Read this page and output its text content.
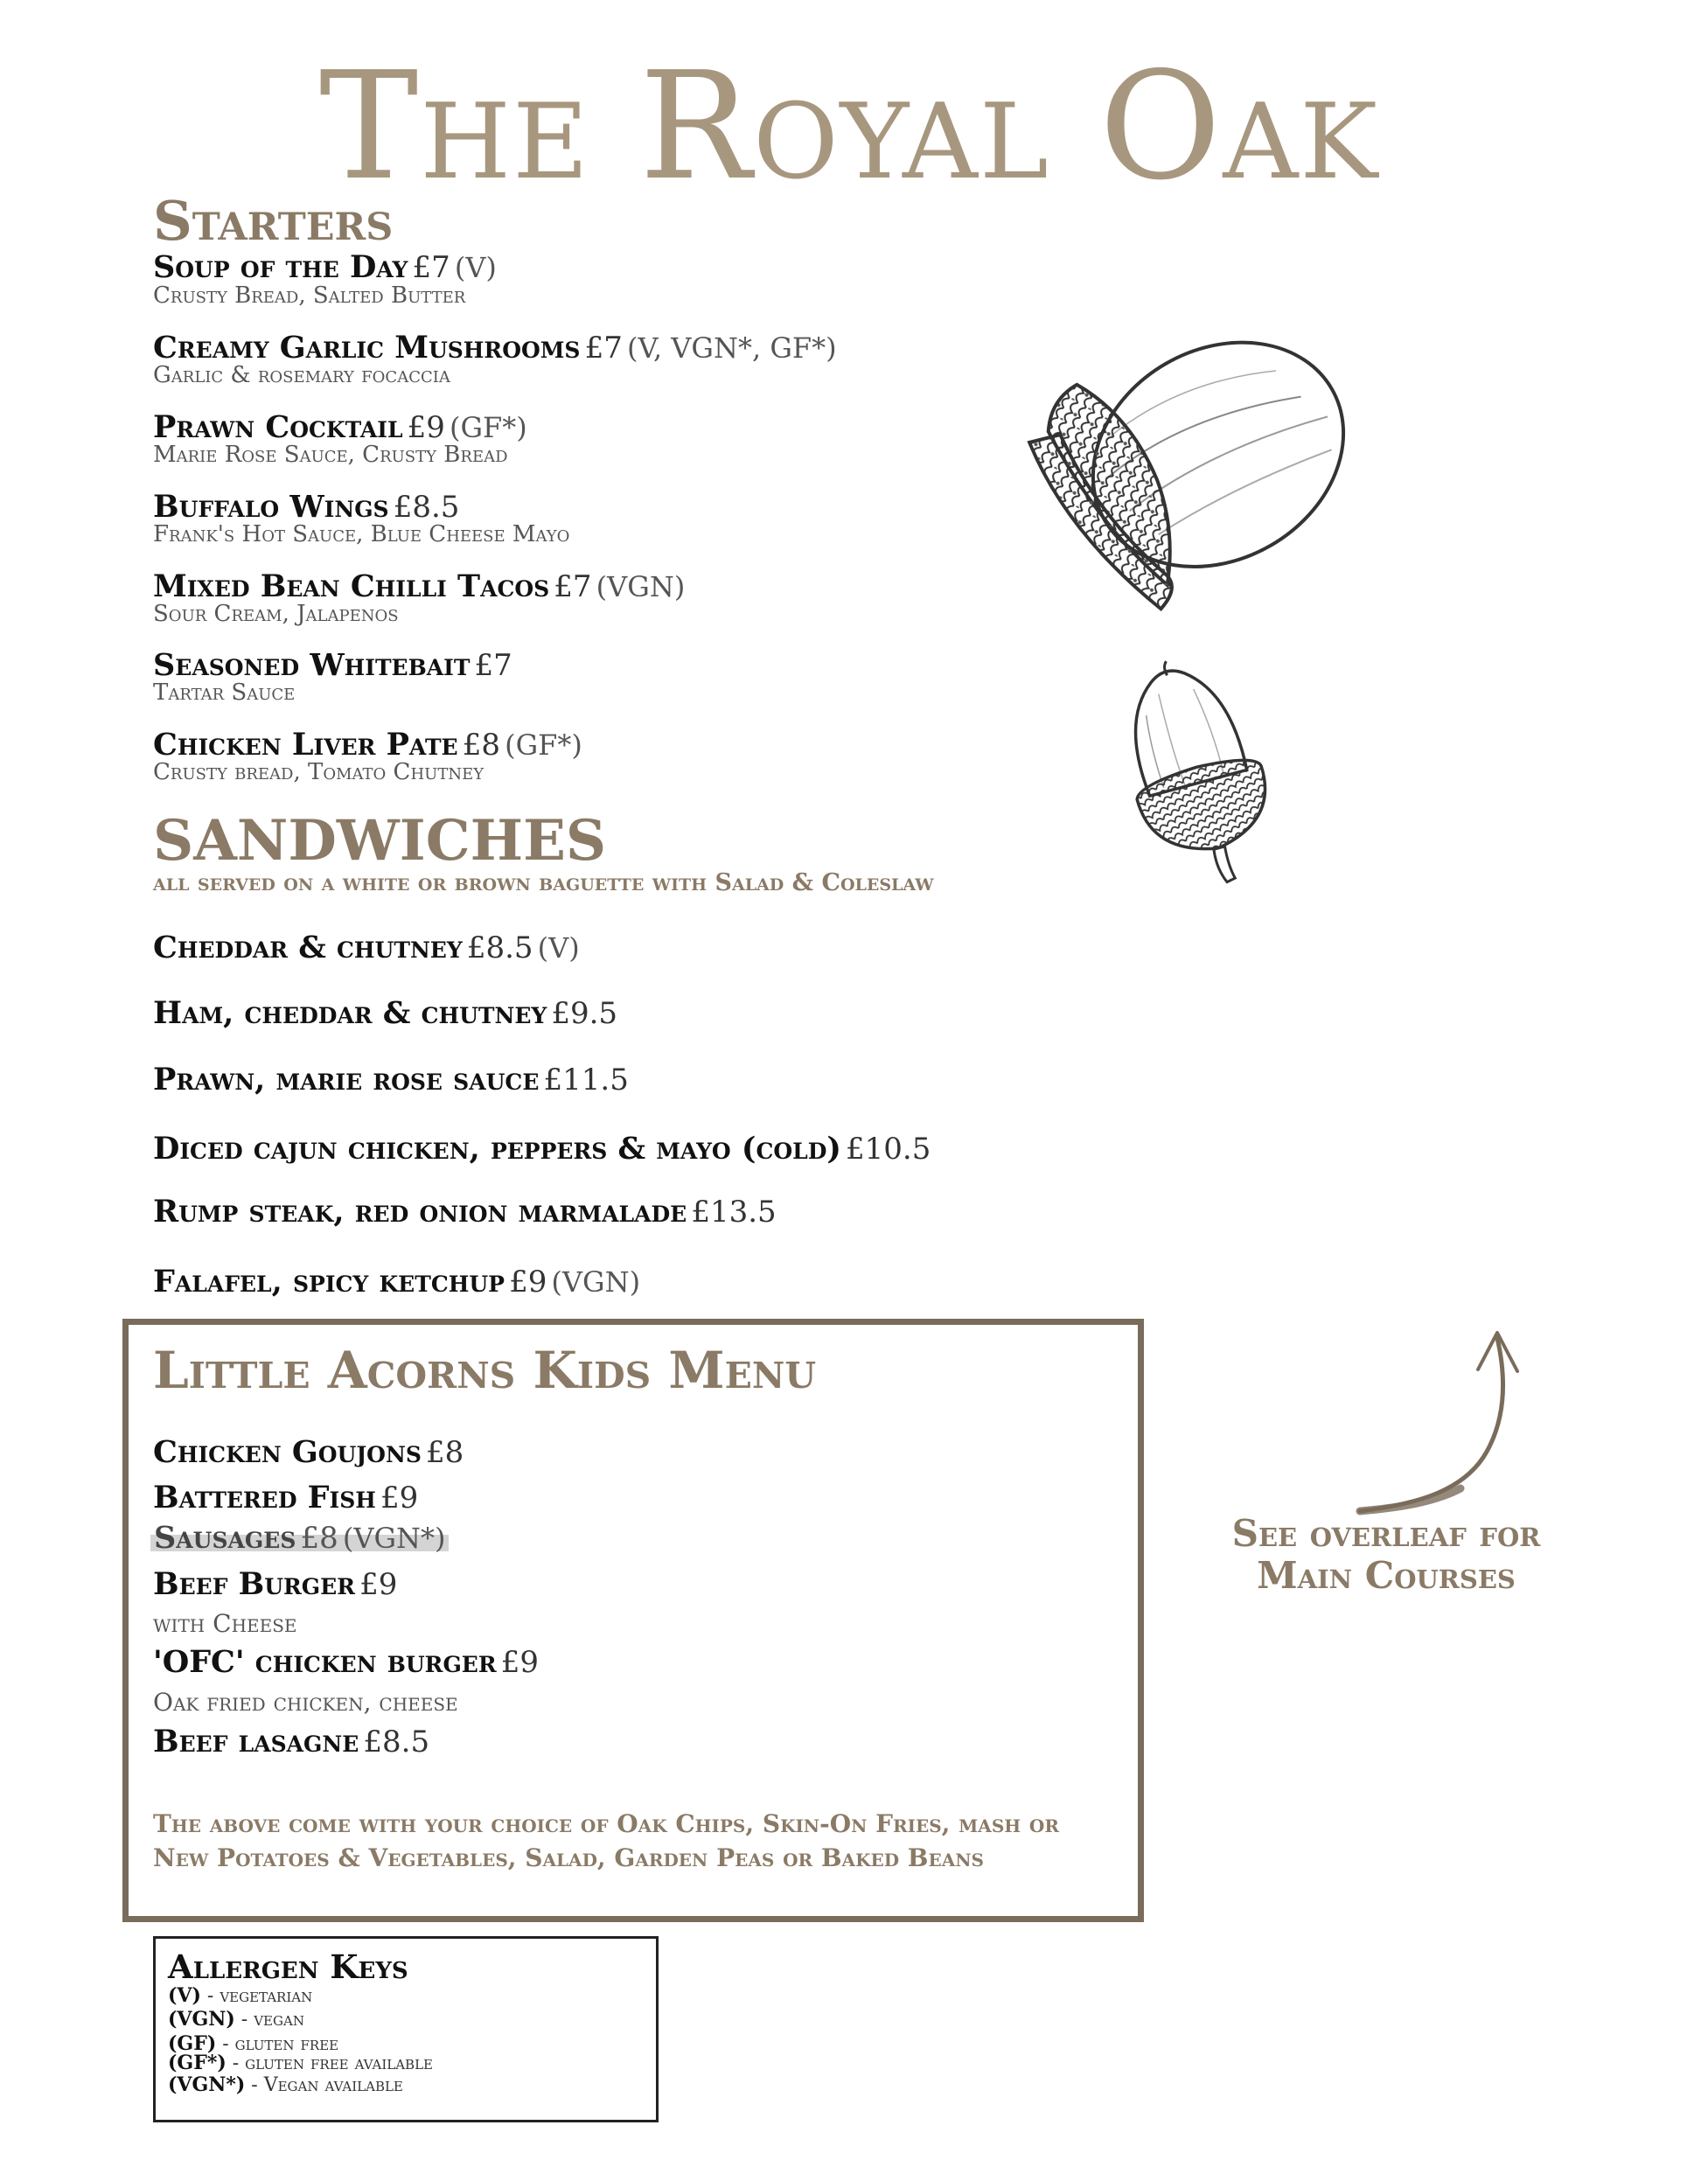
The Royal Oak
Starters
Soup of the Day £7 (V)
Crusty Bread, Salted Butter
Creamy Garlic Mushrooms £7 (V, VGN*, GF*)
Garlic & rosemary focaccia
Prawn Cocktail £9 (GF*)
Marie Rose Sauce, Crusty Bread
Buffalo Wings £8.5
Frank's Hot Sauce, Blue Cheese Mayo
Mixed Bean Chilli Tacos £7 (VGN)
Sour Cream, Jalapenos
Seasoned Whitebait £7
Tartar Sauce
Chicken Liver Pate £8 (GF*)
Crusty bread, Tomato Chutney
SANDWICHES
all served on a white or brown baguette with Salad & Coleslaw
Cheddar & chutney £8.5 (V)
Ham, cheddar & chutney £9.5
Prawn, marie rose sauce £11.5
Diced cajun chicken, peppers & mayo (cold) £10.5
Rump steak, red onion marmalade £13.5
Falafel, spicy ketchup £9 (VGN)
Little Acorns Kids Menu
Chicken Goujons £8
Battered Fish £9
Sausages £8 (VGN*)
Beef Burger £9
with Cheese
'OFC' chicken burger £9
Oak fried chicken, cheese
Beef lasagne £8.5
The above come with your choice of Oak Chips, Skin-On Fries, mash or New Potatoes & Vegetables, Salad, Garden Peas or Baked Beans
Allergen Keys
(V) - vegetarian
(VGN) - vegan
(GF) - gluten free
(GF*) - gluten free available
(VGN*) - Vegan available
See overleaf for
Main Courses
